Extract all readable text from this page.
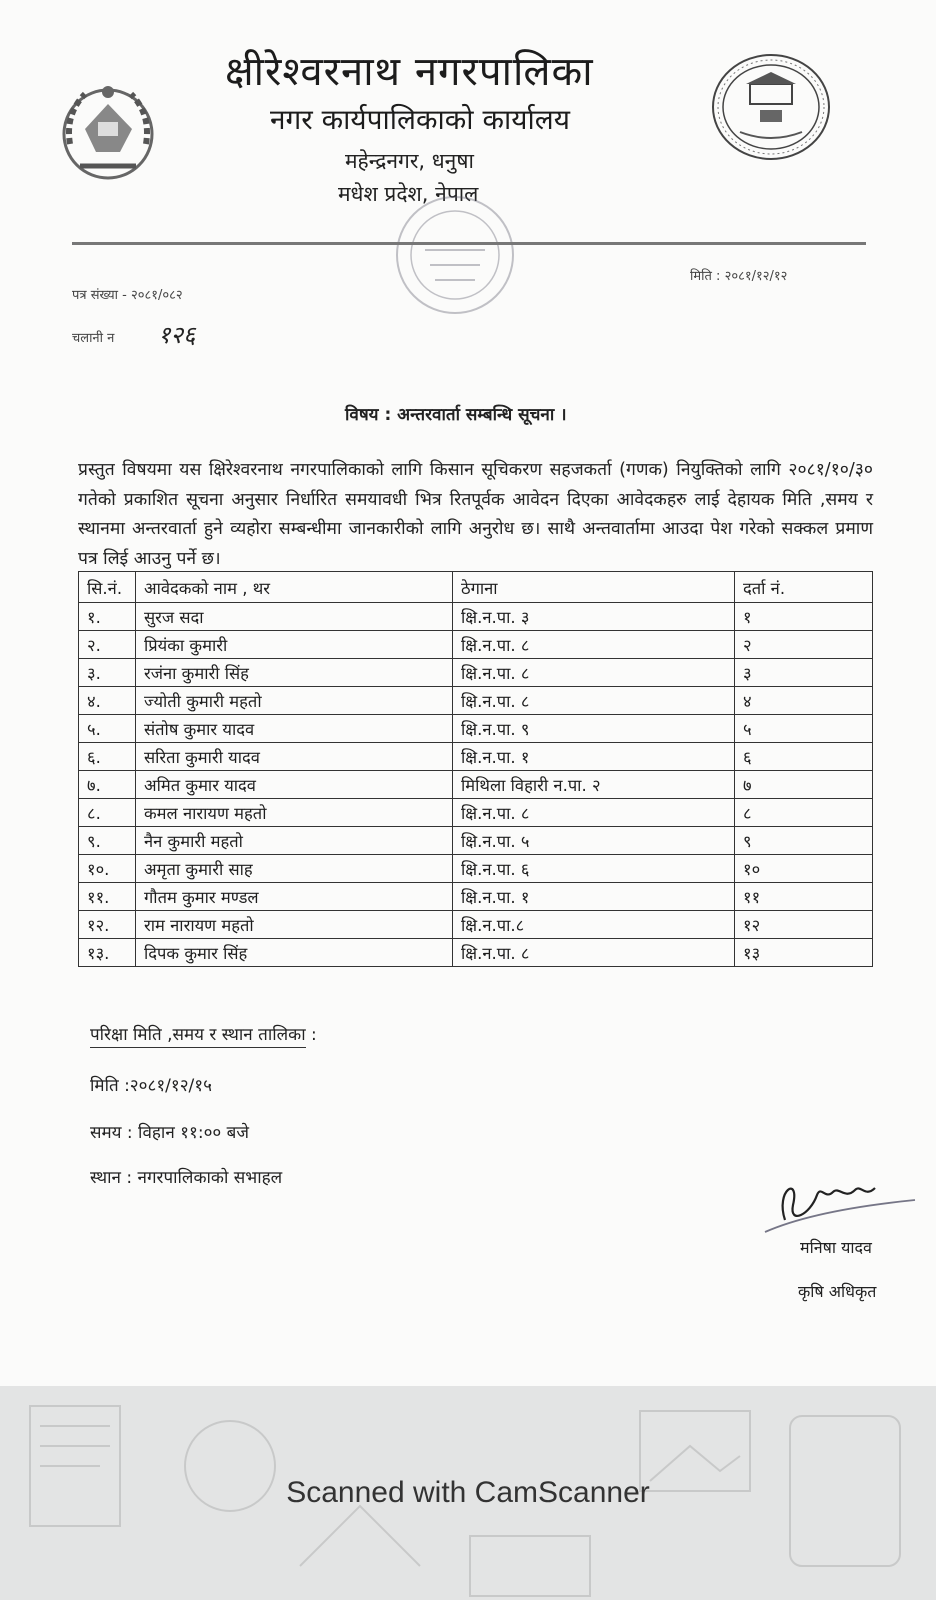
क्षीरेश्वरनाथ नगरपालिका
नगर कार्यपालिकाको कार्यालय
महेन्द्रनगर, धनुषा
मधेश प्रदेश, नेपाल
पत्र संख्या - २०८१/०८२
चलानी न १२६
मिति : २०८१/१२/१२
विषय : अन्तरवार्ता सम्बन्धि सूचना ।
प्रस्तुत विषयमा यस क्षिरेश्वरनाथ नगरपालिकाको लागि किसान सूचिकरण सहजकर्ता (गणक) नियुक्तिको लागि २०८१/१०/३० गतेको प्रकाशित सूचना अनुसार निर्धारित समयावधी भित्र रितपूर्वक आवेदन दिएका आवेदकहरु लाई देहायक मिति ,समय र स्थानमा अन्तरवार्ता हुने व्यहोरा सम्बन्धीमा जानकारीको लागि अनुरोध छ। साथै अन्तवार्तामा आउदा पेश गरेको सक्कल प्रमाण पत्र लिई आउनु पर्ने छ।
सि.नं.	आवेदकको नाम , थर	ठेगाना	दर्ता नं.
१.	सुरज सदा	क्षि.न.पा. ३	१
२.	प्रियंका कुमारी	क्षि.न.पा. ८	२
३.	रजंना कुमारी सिंह	क्षि.न.पा. ८	३
४.	ज्योती कुमारी महतो	क्षि.न.पा. ८	४
५.	संतोष कुमार यादव	क्षि.न.पा. ९	५
६.	सरिता कुमारी यादव	क्षि.न.पा. १	६
७.	अमित कुमार यादव	मिथिला विहारी न.पा. २	७
८.	कमल नारायण महतो	क्षि.न.पा. ८	८
९.	नैन कुमारी महतो	क्षि.न.पा. ५	९
१०.	अमृता कुमारी साह	क्षि.न.पा. ६	१०
११.	गौतम कुमार मण्डल	क्षि.न.पा. १	११
१२.	राम नारायण महतो	क्षि.न.पा.८	१२
१३.	दिपक कुमार सिंह	क्षि.न.पा. ८	१३
परिक्षा मिति ,समय र स्थान तालिका :
मिति :२०८१/१२/१५
समय : विहान ११:०० बजे
स्थान : नगरपालिकाको सभाहल
मनिषा यादव
कृषि अधिकृत
Scanned with CamScanner
